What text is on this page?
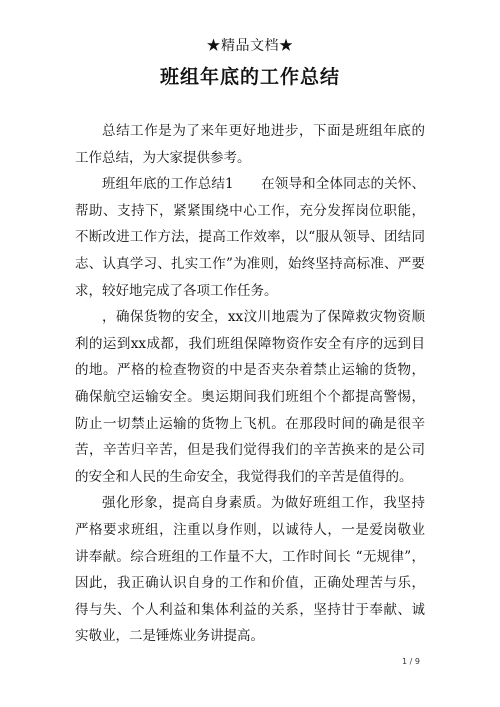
★精品文档★
班组年底的工作总结

总结工作是为了来年更好地进步，下面是班组年底的工作总结，为大家提供参考。

班组年底的工作总结1　　在领导和全体同志的关怀、帮助、支持下，紧紧围绕中心工作，充分发挥岗位职能，不断改进工作方法，提高工作效率，以“服从领导、团结同志、认真学习、扎实工作”为准则，始终坚持高标准、严要求，较好地完成了各项工作任务。

，确保货物的安全，xx汶川地震为了保障救灾物资顺利的运到xx成都，我们班组保障物资作安全有序的远到目的地。严格的检查物资的中是否夹杂着禁止运输的货物，确保航空运输安全。奥运期间我们班组个个都提高警惕，防止一切禁止运输的货物上飞机。在那段时间的确是很辛苦，辛苦归辛苦，但是我们觉得我们的辛苦换来的是公司的安全和人民的生命安全，我觉得我们的辛苦是值得的。

强化形象，提高自身素质。为做好班组工作，我坚持严格要求班组，注重以身作则，以诚待人，一是爱岗敬业讲奉献。综合班组的工作量不大，工作时间长 “无规律”，因此，我正确认识自身的工作和价值，正确处理苦与乐，得与失、个人利益和集体利益的关系，坚持甘于奉献、诚实敬业，二是锤炼业务讲提高。

1 / 9
